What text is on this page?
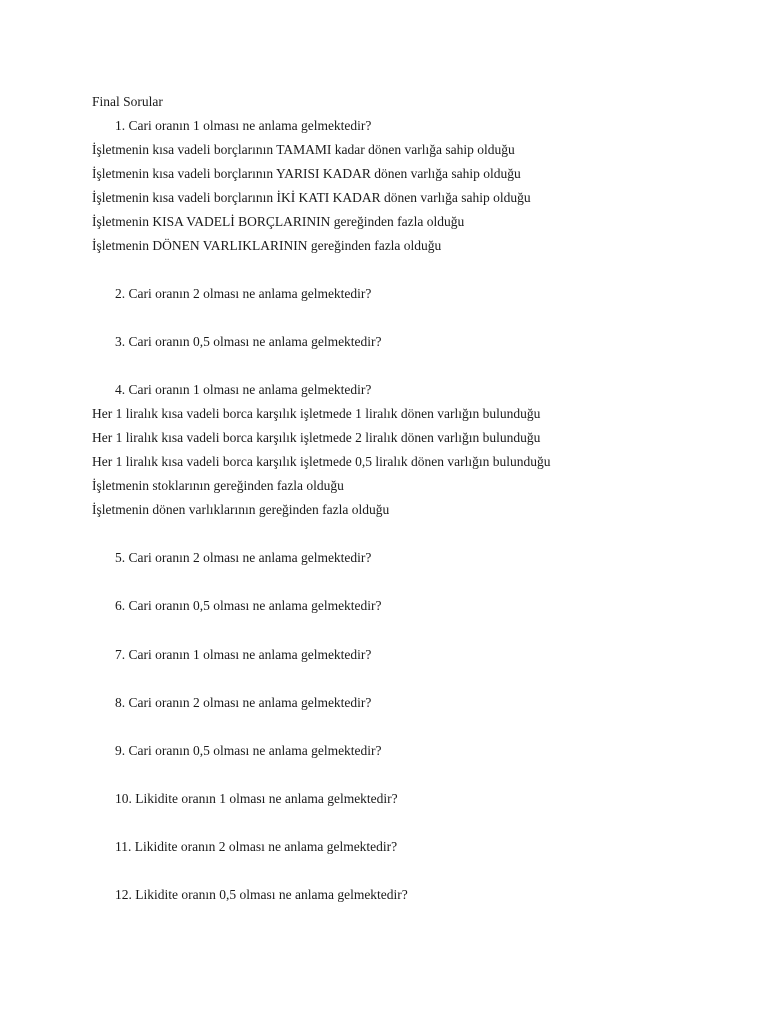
Final Sorular
1. Cari oranın 1 olması ne anlama gelmektedir?
İşletmenin kısa vadeli borçlarının TAMAMI kadar dönen varlığa sahip olduğu
İşletmenin kısa vadeli borçlarının YARISI KADAR dönen varlığa sahip olduğu
İşletmenin kısa vadeli borçlarının İKİ KATI KADAR dönen varlığa sahip olduğu
İşletmenin KISA VADELİ BORÇLARININ gereğinden fazla olduğu
İşletmenin DÖNEN VARLIKLARININ gereğinden fazla olduğu
2. Cari oranın 2 olması ne anlama gelmektedir?
3. Cari oranın 0,5 olması ne anlama gelmektedir?
4. Cari oranın 1 olması ne anlama gelmektedir?
Her 1 liralık kısa vadeli borca karşılık işletmede 1 liralık dönen varlığın bulunduğu
Her 1 liralık kısa vadeli borca karşılık işletmede 2 liralık dönen varlığın bulunduğu
Her 1 liralık kısa vadeli borca karşılık işletmede 0,5 liralık dönen varlığın bulunduğu
İşletmenin stoklarının gereğinden fazla olduğu
İşletmenin dönen varlıklarının gereğinden fazla olduğu
5. Cari oranın 2 olması ne anlama gelmektedir?
6. Cari oranın 0,5 olması ne anlama gelmektedir?
7. Cari oranın 1 olması ne anlama gelmektedir?
8. Cari oranın 2 olması ne anlama gelmektedir?
9. Cari oranın 0,5 olması ne anlama gelmektedir?
10. Likidite oranın 1 olması ne anlama gelmektedir?
11. Likidite oranın 2 olması ne anlama gelmektedir?
12. Likidite oranın 0,5 olması ne anlama gelmektedir?
